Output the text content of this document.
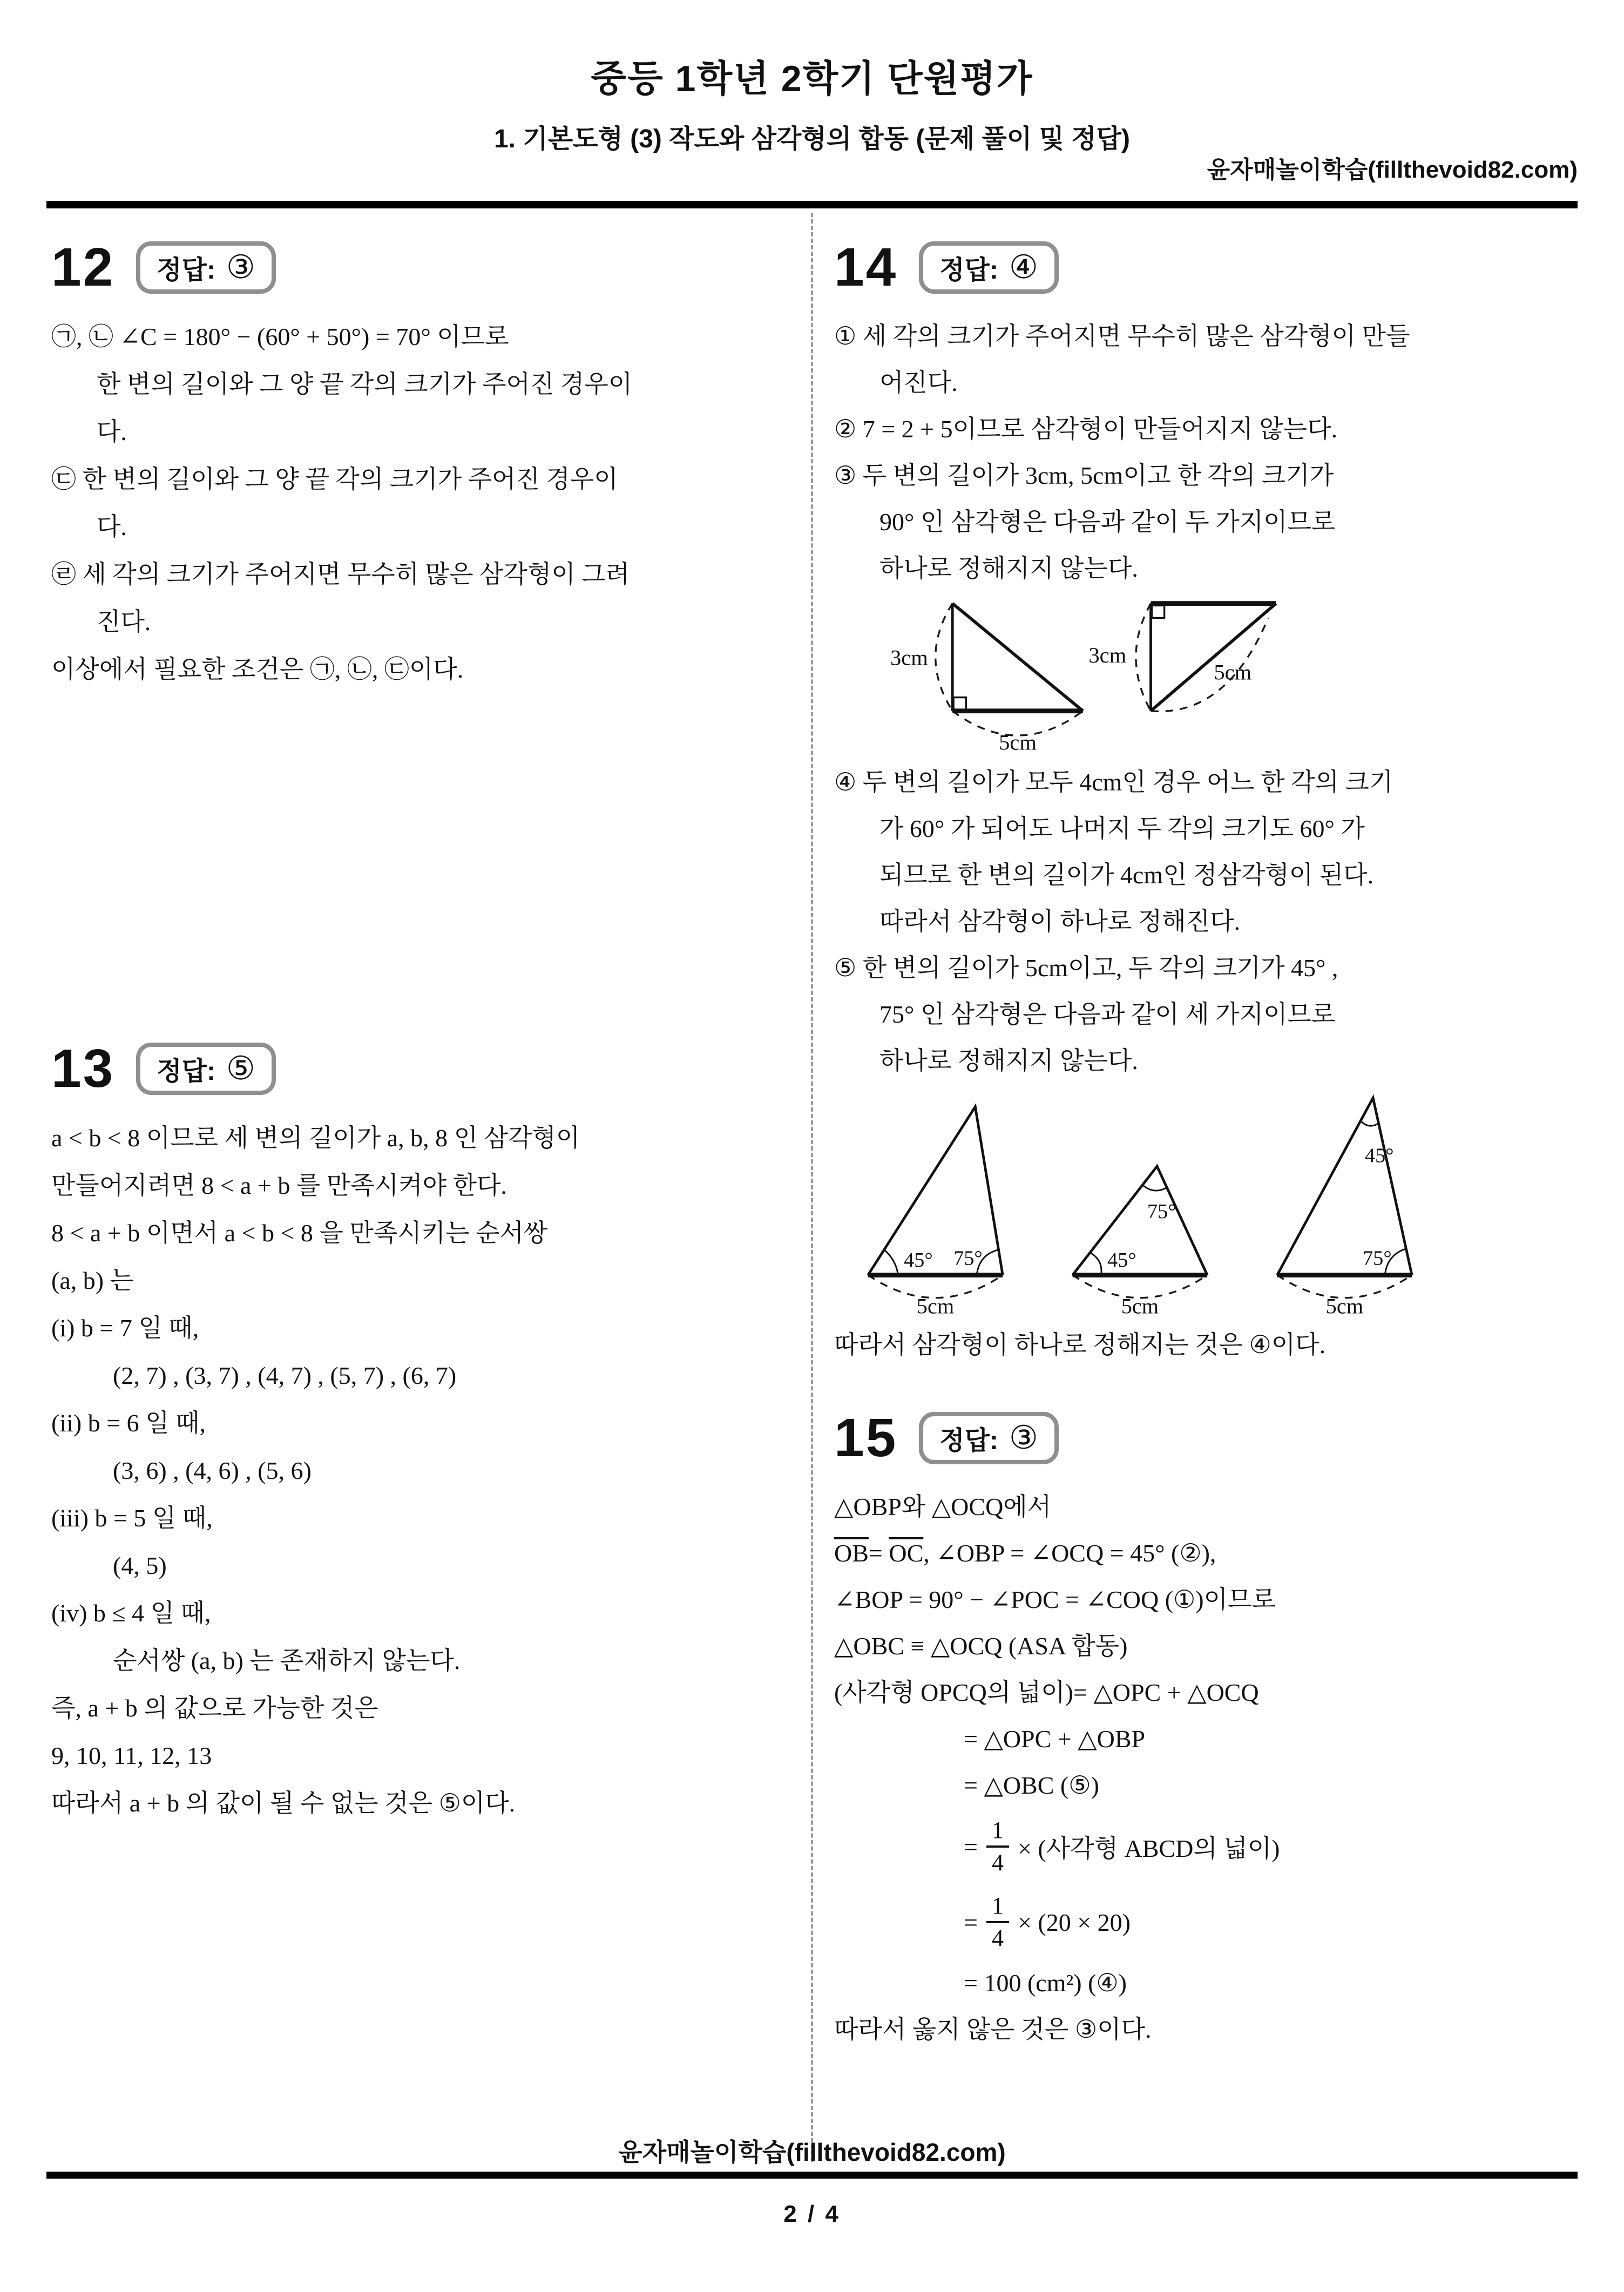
중등 1학년 2학기 단원평가
1. 기본도형 (3) 작도와 삼각형의 합동 (문제 풀이 및 정답)
윤자매놀이학습(fillthevoid82.com)
12 정답: ③
㉠, ㉡ ∠C = 180° − (60° + 50°) = 70° 이므로
한 변의 길이와 그 양 끝 각의 크기가 주어진 경우이
다.
㉢ 한 변의 길이와 그 양 끝 각의 크기가 주어진 경우이
다.
㉣ 세 각의 크기가 주어지면 무수히 많은 삼각형이 그려
진다.
이상에서 필요한 조건은 ㉠, ㉡, ㉢이다.
13 정답: ⑤
a < b < 8 이므로 세 변의 길이가 a, b, 8 인 삼각형이
만들어지려면 8 < a + b 를 만족시켜야 한다.
8 < a + b 이면서 a < b < 8 을 만족시키는 순서쌍
(a, b) 는
(i) b = 7 일 때,
(2, 7) , (3, 7) , (4, 7) , (5, 7) , (6, 7)
(ii) b = 6 일 때,
(3, 6) , (4, 6) , (5, 6)
(iii) b = 5 일 때,
(4, 5)
(iv) b ≤ 4 일 때,
순서쌍 (a, b) 는 존재하지 않는다.
즉, a + b 의 값으로 가능한 것은
9, 10, 11, 12, 13
따라서 a + b 의 값이 될 수 없는 것은 ⑤이다.
14 정답: ④
① 세 각의 크기가 주어지면 무수히 많은 삼각형이 만들
어진다.
② 7 = 2 + 5이므로 삼각형이 만들어지지 않는다.
③ 두 변의 길이가 3cm, 5cm이고 한 각의 크기가
90° 인 삼각형은 다음과 같이 두 가지이므로
하나로 정해지지 않는다.
3cm
5cm
3cm
5cm
④ 두 변의 길이가 모두 4cm인 경우 어느 한 각의 크기
가 60° 가 되어도 나머지 두 각의 크기도 60° 가
되므로 한 변의 길이가 4cm인 정삼각형이 된다.
따라서 삼각형이 하나로 정해진다.
⑤ 한 변의 길이가 5cm이고, 두 각의 크기가 45° ,
75° 인 삼각형은 다음과 같이 세 가지이므로
하나로 정해지지 않는다.
45° 75°
5cm
45°
75°
5cm
45°
75°
5cm
따라서 삼각형이 하나로 정해지는 것은 ④이다.
15 정답: ③
△OBP와 △OCQ에서
$\overline{OB}= \overline{OC}$, ∠OBP = ∠OCQ = 45° (②),
∠BOP = 90° − ∠POC = ∠COQ (①)이므로
△OBC ≡ △OCQ (ASA 합동)
(사각형 OPCQ의 넓이)= △OPC + △OCQ
= △OPC + △OBP
= △OBC (⑤)
= $\frac{1}{4}$ × (사각형 ABCD의 넓이)
= $\frac{1}{4} \times (20 \times 20)$
= 100 (cm²) (④)
따라서 옳지 않은 것은 ③이다.
윤자매놀이학습(fillthevoid82.com)
2 / 4
